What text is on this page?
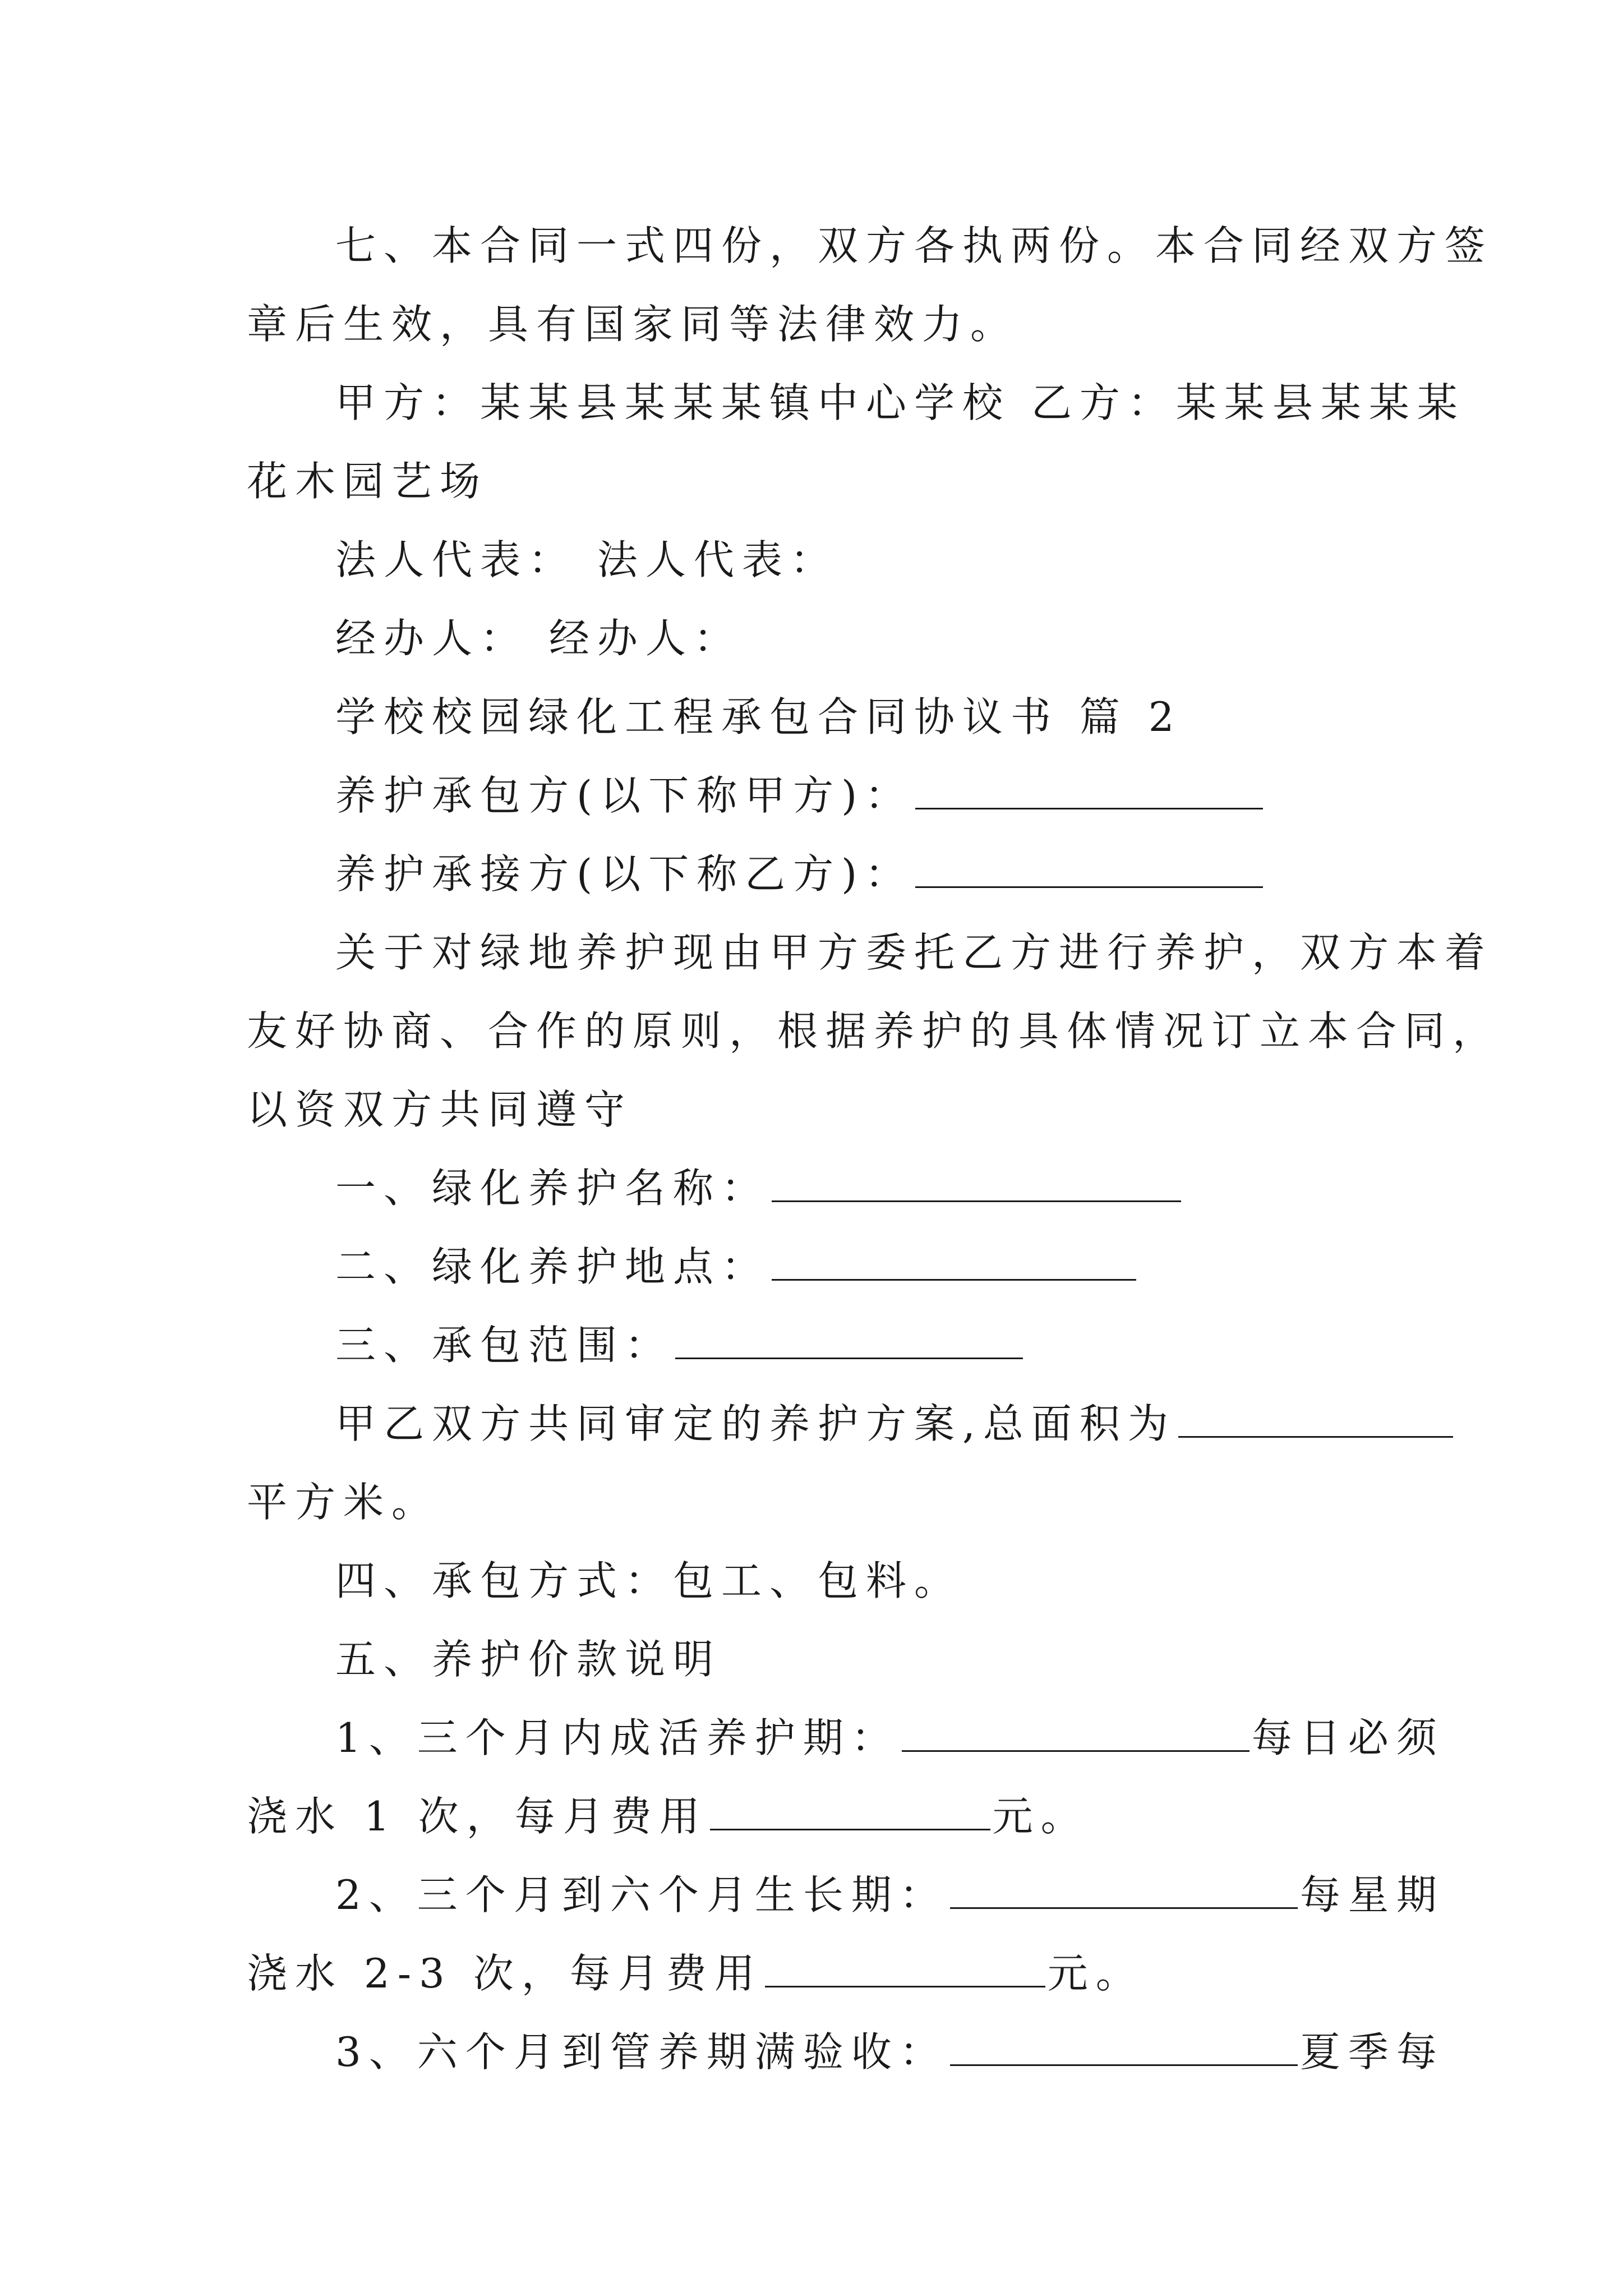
七、本合同一式四份，双方各执两份。本合同经双方签
章后生效，具有国家同等法律效力。
甲方：某某县某某某镇中心学校 乙方：某某县某某某
花木园艺场
法人代表： 法人代表：
经办人： 经办人：
学校校园绿化工程承包合同协议书 篇 2
养护承包方(以下称甲方)：
养护承接方(以下称乙方)：
关于对绿地养护现由甲方委托乙方进行养护，双方本着
友好协商、合作的原则，根据养护的具体情况订立本合同，
以资双方共同遵守
一、绿化养护名称：
二、绿化养护地点：
三、承包范围：
甲乙双方共同审定的养护方案,总面积为
平方米。
四、承包方式：包工、包料。
五、养护价款说明
1、三个月内成活养护期：	每日必须
浇水 1 次，每月费用	元。
2、三个月到六个月生长期：	每星期
浇水 2-3 次，每月费用	元。
3、六个月到管养期满验收：	夏季每
